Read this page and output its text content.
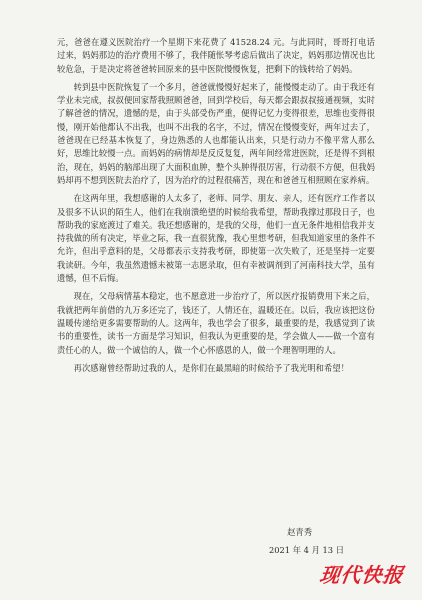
元，爸爸在遵义医院治疗一个星期下来花费了 41528.24 元。与此同时，哥哥打电话过来，妈妈那边的治疗费用不够了，我伴随怅琴考虑后做出了决定，妈妈那边情况也比较危急，于是决定将爸爸转回原来的县中医院慢慢恢复，把剩下的钱转给了妈妈。

转到县中医院恢复了一个多月，爸爸就慢慢好起来了，能慢慢走动了。由于我还有学业未完成，叔叔便回家帮我照顾爸爸，回到学校后，每天都会跟叔叔接通视频，实时了解爸爸的情况，遗憾的是，由于头部受伤严重，便得记忆力变得很差，思维也变得很慢，刚开始他都认不出我，也叫不出我的名字，不过，情况在慢慢变好，两年过去了，爸爸现在已经基本恢复了，身边熟悉的人也都能认出来，只是行动力不像平常人那么好，思维比较慢一点。而妈妈的病情却是反反复复，两年间经常进医院，还是得不到根治，现在，妈妈的脑部出现了大面积血肿，整个头肿得很厉害，行动很不方便，但我妈妈却再不想到医院去治疗了，因为治疗的过程很痛苦，现在和爸爸互相照顾在家养病。

在这两年里，我想感谢的人太多了，老师、同学、朋友、亲人，还有医疗工作者以及很多不认识的陌生人，他们在我崩溃绝望的时候给我希望，帮助我撑过那段日子，也帮助我的家庭渡过了难关。我还想感谢的，是我的父母，他们一直无条件地相信我并支持我做的所有决定，毕业之际，我一直很犹豫，我心里想考研，但我知道家里的条件不允许，但出乎意料的是，父母都表示支持我考研，即使第一次失败了，还是坚持一定要我读研。今年，我虽然遗憾未被第一志愿录取，但有幸被调剂到了河南科技大学，虽有遗憾，但不后悔。

现在，父母病情基本稳定，也不愿意进一步治疗了，所以医疗报销费用下来之后，我就把两年前借的九万多还完了，钱还了，人情还在，温暖还在。以后，我应该把这份温暖传递给更多需要帮助的人。这两年，我也学会了很多，最重要的是，我感觉到了读书的重要性，读书一方面是学习知识，但我认为更重要的是，学会做人——做一个富有责任心的人，做一个诚信的人，做一个心怀感恩的人，做一个理智明理的人。

再次感谢曾经帮助过我的人，是你们在最黑暗的时候给予了我光明和希望！

赵青秀
2021 年 4 月 13 日
现代快报
